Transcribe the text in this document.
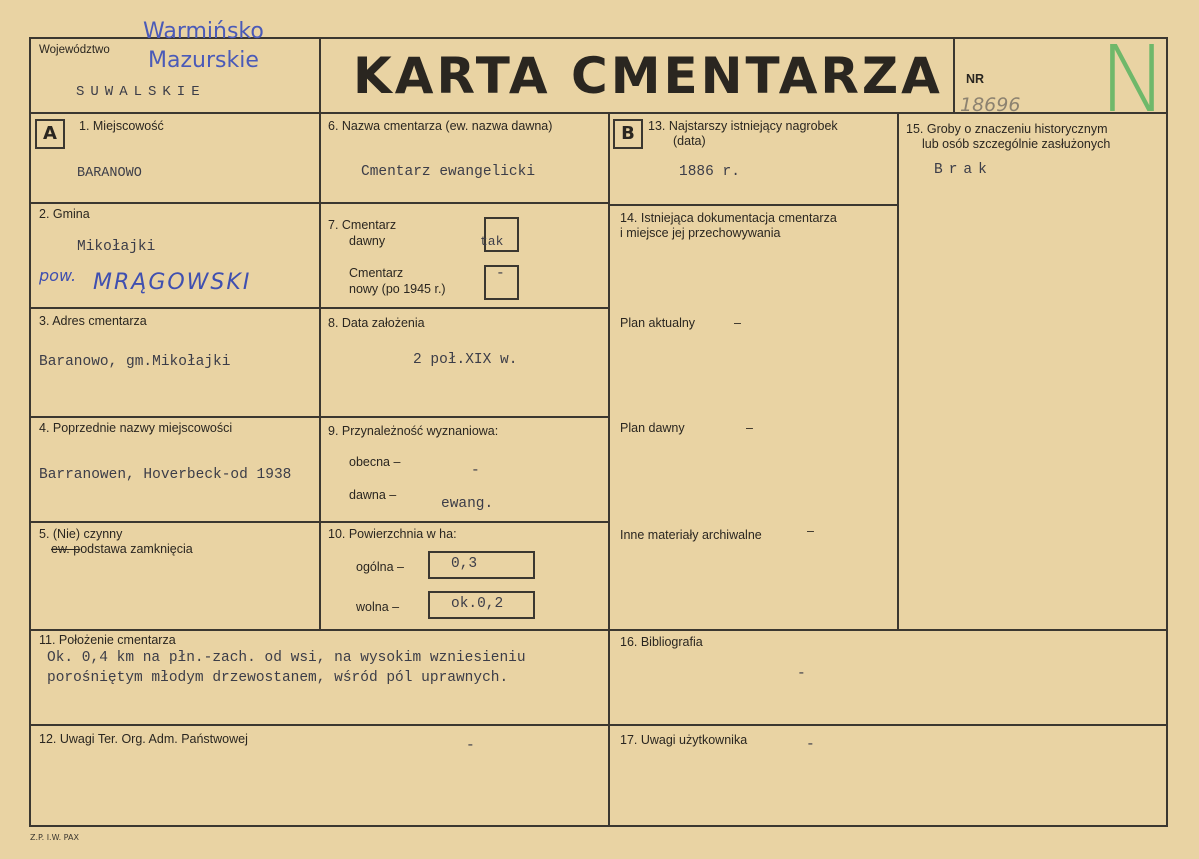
Województwo
Warmińsko
Mazurskie
SUWALSKIE	KARTA CMENTARZA NR
18696 N
A	1. Miejscowość
BARANOWO
2. Gmina
Mikołajki
pow. MRĄGOWSKI
3. Adres cmentarza
Baranowo, gm.Mikołajki
4. Poprzednie nazwy miejscowości
Barranowen, Hoverbeck-od 1938
5. (Nie) czynny
ew. podstawa zamknięcia
6. Nazwa cmentarza (ew. nazwa dawna)
Cmentarz ewangelicki
7. Cmentarz
dawny	tak
Cmentarz
nowy (po 1945 r.)
-
8. Data założenia
2 poł.XIX w.
9. Przynależność wyznaniowa:
obecna –
-
dawna –
ewang.
10. Powierzchnia w ha:
ogólna –	0,3
wolna –	ok.0,2
B	13. Najstarszy istniejący nagrobek
(data)
1886 r.
14. Istniejąca dokumentacja cmentarza
i miejsce jej przechowywania
Plan aktualny	–
Plan dawny	–
Inne materiały archiwalne	–
15. Groby o znaczeniu historycznym
lub osób szczególnie zasłużonych
Brak
11. Położenie cmentarza
Ok. 0,4 km na płn.-zach. od wsi, na wysokim wzniesieniu
porośniętym młodym drzewostanem, wśród pól uprawnych.
12. Uwagi Ter. Org. Adm. Państwowej	-
16. Bibliografia
-
17. Uwagi użytkownika	-
Z.P. I.W. PAX
